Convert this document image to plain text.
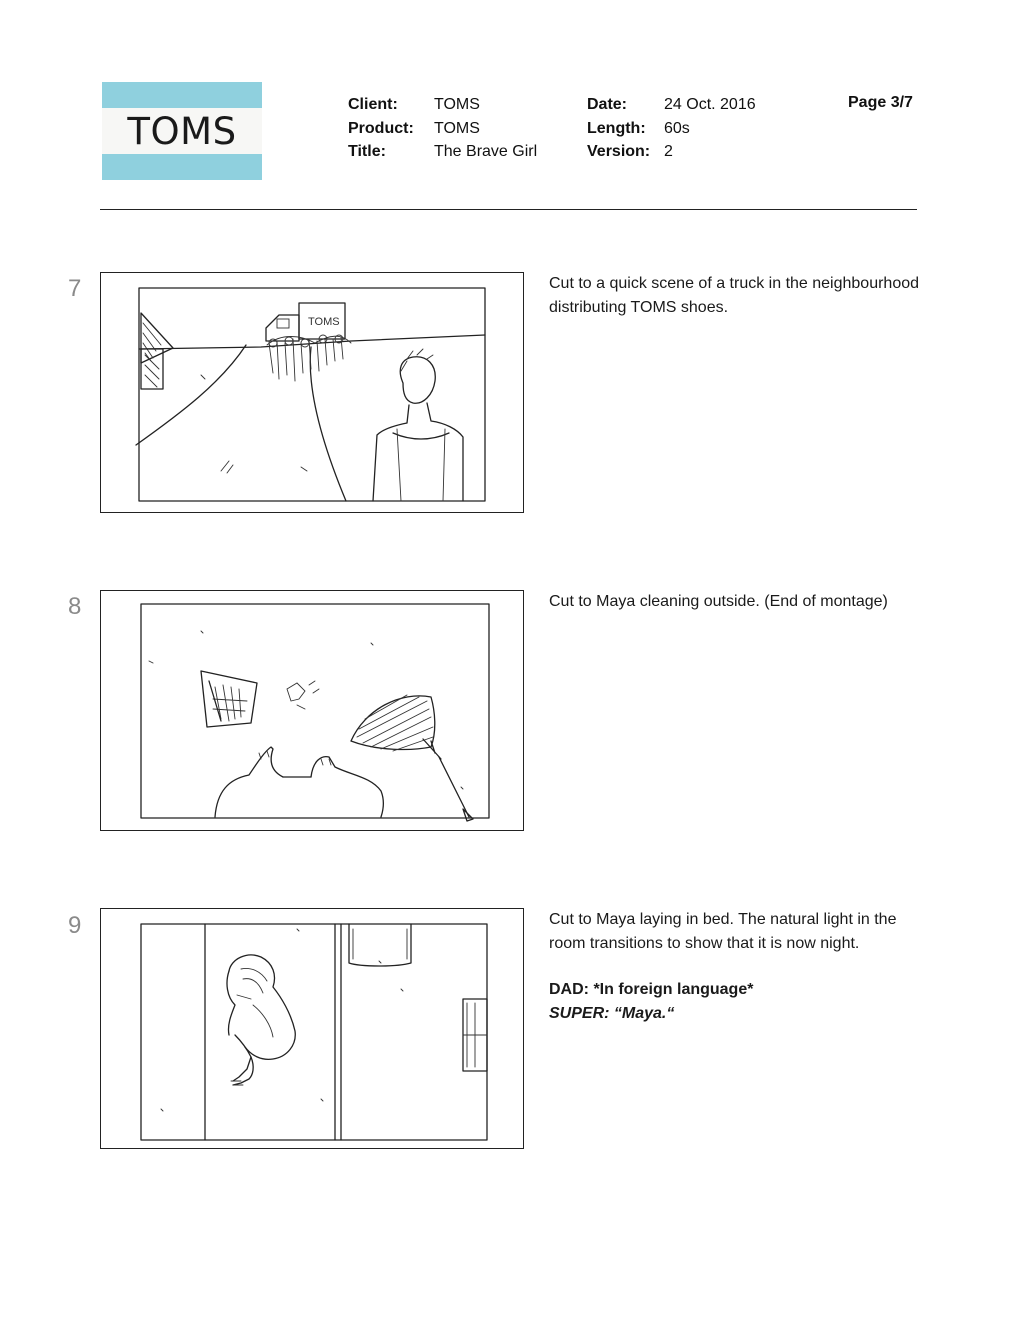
TOMS
Client:
Product:
Title:
TOMS
TOMS
The Brave Girl
Date:
Length:
Version:
24 Oct. 2016
60s
2
Page 3/7
7
TOMS

Cut to a quick scene of a truck in the neighbourhood distributing TOMS shoes.

8	Cut to Maya cleaning outside. (End of montage)

9	Cut to Maya laying in bed. The natural light in the room transitions to show that it is now night.

DAD: *In foreign language*

SUPER: “Maya.“
